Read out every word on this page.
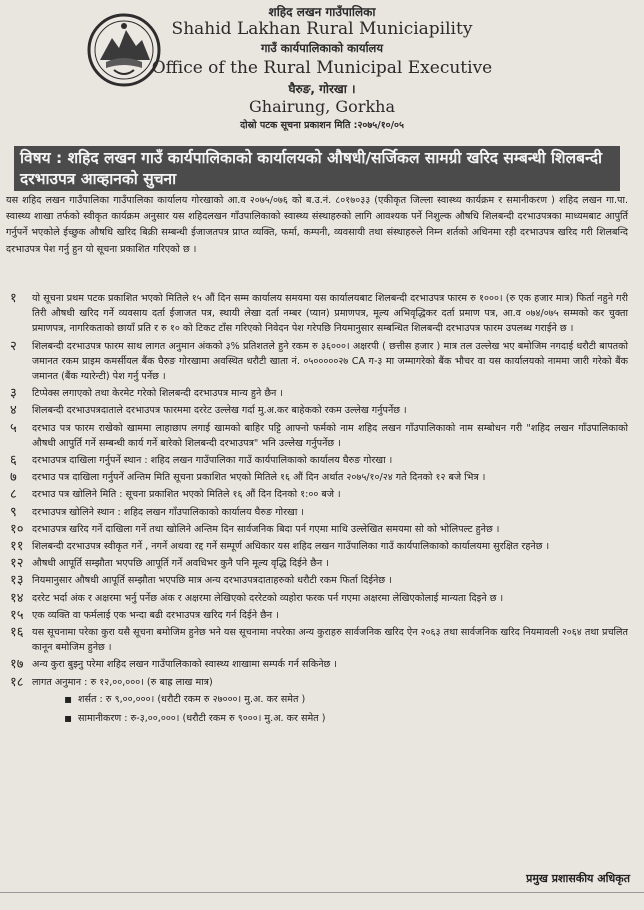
शहिद लखन गाउँपालिका
Shahid Lakhan Rural Municiapility
गाउँ कार्यपालिकाको कार्यालय
Office of the Rural Municipal Executive
घैरुङ, गोरखा ।
Ghairung, Gorkha
दोस्रो पटक सूचना प्रकाशन मिति :२०७५/१०/०५
विषय : शहिद लखन गाउँ कार्यपालिकाको कार्यालयको औषधी/सर्जिकल सामग्री खरिद सम्बन्धी शिलबन्दी दरभाउपत्र आव्हानको सुचना
यस शहिद लखन गाउँपालिका गाउँपालिका कार्यालय गोरखाको आ.व २०७५/०७६ को ब.उ.नं. ८०१७०३३ (एकीकृत जिल्ला स्वास्थ्य कार्यक्रम र समानीकरण ) शहिद लखन गा.पा. स्वास्थ्य शाखा तर्फको स्वीकृत कार्यक्रम अनुसार यस शहिदलखन गाँउपालिकाको स्वास्थ्य संस्थाहरुको लागि आवश्यक पर्ने निशुल्क औषधि शिलबन्दी दरभाउपत्रका माध्यमबाट आपुर्ति गर्नुपर्ने भएकोले ईच्छुक औषधि खरिद बिक्री सम्बन्धी ईजाजतपत्र प्राप्त व्यक्ति, फर्मा, कम्पनी, व्यवसायी तथा संस्थाहरुले निम्न शर्तको अधिनमा रही दरभाउपत्र खरिद गरी शिलबन्दि दरभाउपत्र पेश गर्नु हुन यो सूचना प्रकाशित गरिएको छ ।
१ यो सूचना प्रथम पटक प्रकाशित भएको मितिले १५ औं दिन सम्म कार्यालय समयमा यस कार्यालयबाट शिलबन्दी दरभाउपत्र फारम रु १०००। (रु एक हजार मात्र) फिर्ता नहुने गरी तिरी औषधी खरिद गर्ने व्यवसाय दर्ता ईजाजत पत्र, स्थायी लेखा दर्ता नम्बर (प्यान) प्रमाणपत्र, मूल्य अभिवृद्धिकर दर्ता प्रमाण पत्र, आ.व ०७४/०७५ सम्मको कर चुक्ता प्रमाणपत्र, नागरिकताको छायाँ प्रति र रु १० को टिकट टाँस गरिएको निवेदन पेश गरेपछि नियमानुसार सम्बन्धित शिलबन्दी दरभाउपत्र फारम उपलब्ध गराईने छ ।
२ शिलबन्दी दरभाउपत्र फारम साथ लागत अनुमान अंकको ३% प्रतिशतले हुने रकम रु ३६०००। अक्षरपी ( छत्तीस हजार ) मात्र तल उल्लेख भए बमोजिम नगदाई धरौटी बापतको जमानत रकम प्राइम कमर्सीयल बैंक घैरुङ गोरखामा अवस्थित धरौटी खाता नं. ०५०००००२७ CA ग-३ मा जम्मागरेको बैंक भौचर वा यस कार्यालयको नाममा जारी गरेको बैंक जमानत (बैंक ग्यारेन्टी) पेश गर्नु पर्नेछ ।
३ टिप्पेक्स लगाएको तथा केरमेट गरेको शिलबन्दी दरभाउपत्र मान्य हुने छैन ।
४ शिलबन्दी दरभाउपत्रदाताले दरभाउपत्र फारममा दररेट उल्लेख गर्दा मु.अ.कर बाहेकको रकम उल्लेख गर्नुपर्नेछ ।
५ दरभाउ पत्र फारम राखेको खाममा लाहाछाप लगाई खामको बाहिर पट्टि आफ्नो फर्मको नाम शहिद लखन गाँउपालिकाको नाम सम्बोधन गरी "शहिद लखन गाँउपालिकाको औषधी आपुर्ति गर्ने सम्बन्धी कार्य गर्ने बारेको शिलबन्दी दरभाउपत्र" भनि उल्लेख गर्नुपर्नेछ ।
६ दरभाउपत्र दाखिला गर्नुपर्ने स्थान : शहिद लखन गाउँपालिका गाउँ कार्यपालिकाको कार्यालय घैरुङ गोरखा ।
७ दरभाउ पत्र दाखिला गर्नुपर्ने अन्तिम मिति सूचना प्रकाशित भएको मितिले १६ औं दिन अर्थात २०७५/१०/२४ गते दिनको १२ बजे भित्र ।
८ दरभाउ पत्र खोलिने मिति : सूचना प्रकाशित भएको मितिले १६ औं दिन दिनको १:०० बजे ।
९ दरभाउपत्र खोलिने स्थान : शहिद लखन गाँउपालिकाको कार्यालय घैरुङ गोरखा ।
१० दरभाउपत्र खरिद गर्ने दाखिला गर्ने तथा खोलिने अन्तिम दिन सार्वजनिक बिदा पर्न गएमा माथि उल्लेखित समयमा सो को भोलिपल्ट हुनेछ ।
११ शिलबन्दी दरभाउपत्र स्वीकृत गर्ने , नगर्ने अथवा रद्द गर्ने सम्पूर्ण अधिकार यस शहिद लखन गाउँपालिका गाउँ कार्यपालिकाको कार्यालयमा सुरक्षित रहनेछ ।
१२ औषधी आपूर्ति सम्झौता भएपछि आपूर्ति गर्ने अवधिभर कुनै पनि मूल्य वृद्धि दिईने छैन ।
१३ नियमानुसार औषधी आपूर्ति सम्झौता भएपछि मात्र अन्य दरभाउपत्रदाताहरुको धरौटी रकम फिर्ता दिईनेछ ।
१४ दररेट भर्दा अंक र अक्षरमा भर्नु पर्नेछ अंक र अक्षरमा लेखिएको दररेटको व्यहोरा फरक पर्न गएमा अक्षरमा लेखिएकोलाई मान्यता दिइने छ ।
१५ एक व्यक्ति वा फर्मलाई एक भन्दा बढी दरभाउपत्र खरिद गर्न दिईने छैन ।
१६ यस सूचनामा परेका कुरा यसै सूचना बमोजिम हुनेछ भने यस सूचनामा नपरेका अन्य कुराहरु सार्वजनिक खरिद ऐन २०६३ तथा सार्वजनिक खरिद नियमावली २०६४ तथा प्रचलित कानून बमोजिम हुनेछ ।
१७ अन्य कुरा बुझ्नु परेमा शहिद लखन गाउँपालिकाको स्वास्थ्य शाखामा सम्पर्क गर्न सकिनेछ ।
१८ लागत अनुमान : रु १२,००,०००। (रु बाह्र लाख मात्र)
▪ शर्सत : रु ९,००,०००। (धरौटी रकम रु २७०००। मु.अ. कर समेत )
▪ सामानीकरण : रु-३,००,०००। (धरौटी रकम रु ९०००। मु.अ. कर समेत )
प्रमुख प्रशासकीय अधिकृत
